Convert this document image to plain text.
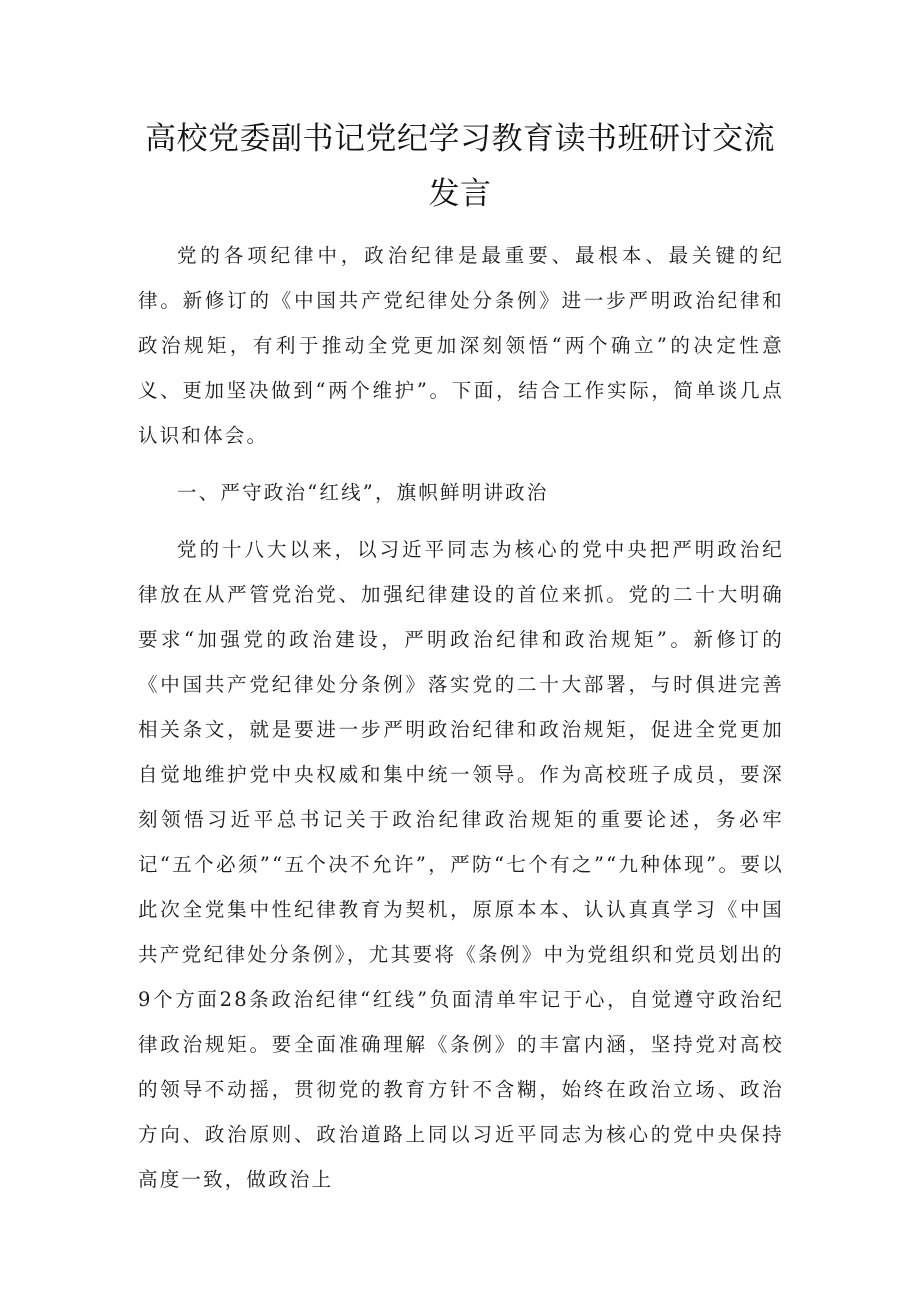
高校党委副书记党纪学习教育读书班研讨交流发言

党的各项纪律中，政治纪律是最重要、最根本、最关键的纪律。新修订的《中国共产党纪律处分条例》进一步严明政治纪律和政治规矩，有利于推动全党更加深刻领悟“两个确立”的决定性意义、更加坚决做到“两个维护”。下面，结合工作实际，简单谈几点认识和体会。

一、严守政治“红线”，旗帜鲜明讲政治

党的十八大以来，以习近平同志为核心的党中央把严明政治纪律放在从严管党治党、加强纪律建设的首位来抓。党的二十大明确要求“加强党的政治建设，严明政治纪律和政治规矩”。新修订的《中国共产党纪律处分条例》落实党的二十大部署，与时俱进完善相关条文，就是要进一步严明政治纪律和政治规矩，促进全党更加自觉地维护党中央权威和集中统一领导。作为高校班子成员，要深刻领悟习近平总书记关于政治纪律政治规矩的重要论述，务必牢记“五个必须”“五个决不允许”，严防“七个有之”“九种体现”。要以此次全党集中性纪律教育为契机，原原本本、认认真真学习《中国共产党纪律处分条例》，尤其要将《条例》中为党组织和党员划出的9个方面28条政治纪律“红线”负面清单牢记于心，自觉遵守政治纪律政治规矩。要全面准确理解《条例》的丰富内涵，坚持党对高校的领导不动摇，贯彻党的教育方针不含糊，始终在政治立场、政治方向、政治原则、政治道路上同以习近平同志为核心的党中央保持高度一致，做政治上
